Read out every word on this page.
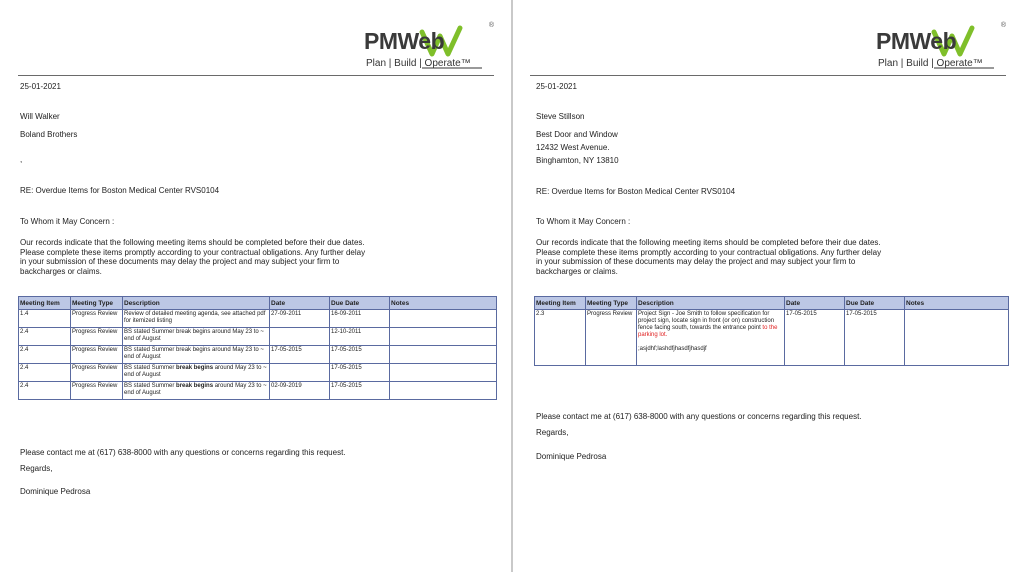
PMWeb
®
Plan | Build | Operate™
25-01-2021
Will Walker
Boland Brothers
,
RE: Overdue Items for Boston Medical Center RVS0104
To Whom it May Concern :
Our records indicate that the following meeting items should be completed before their due dates.
Please complete these items promptly according to your contractual obligations. Any further delay
in your submission of these documents may delay the project and may subject your firm to
backcharges or claims.
Meeting Item	Meeting Type	Description	Date	Due Date	Notes
1.4	Progress Review	Review of detailed meeting agenda, see attached pdf for itemized listing	27-09-2011	16-09-2011	
2.4	Progress Review	BS stated Summer break begins around May 23 to ~ end of August		12-10-2011	
2.4	Progress Review	BS stated Summer break begins around May 23 to ~ end of August	17-05-2015	17-05-2015	
2.4	Progress Review	BS stated Summer break begins around May 23 to ~ end of August		17-05-2015	
2.4	Progress Review	BS stated Summer break begins around May 23 to ~ end of August	02-09-2019	17-05-2015	
Please contact me at (617) 638-8000 with any questions or concerns regarding this request.
Regards,
Dominique Pedrosa
PMWeb
®
Plan | Build | Operate™
25-01-2021
Steve Stillson
Best Door and Window
12432 West Avenue.
Binghamton, NY 13810
RE: Overdue Items for Boston Medical Center RVS0104
To Whom it May Concern :
Our records indicate that the following meeting items should be completed before their due dates.
Please complete these items promptly according to your contractual obligations. Any further delay
in your submission of these documents may delay the project and may subject your firm to
backcharges or claims.
Meeting Item	Meeting Type	Description	Date	Due Date	Notes
2.3	Progress Review	Project Sign - Joe Smith to follow specification for project sign, locate sign in front (or on) construction fence facing south, towards the entrance point to the parking lot.
;asjdhf;lashdfjhasdfjhasdjf	17-05-2015	17-05-2015	
Please contact me at (617) 638-8000 with any questions or concerns regarding this request.
Regards,
Dominique Pedrosa
